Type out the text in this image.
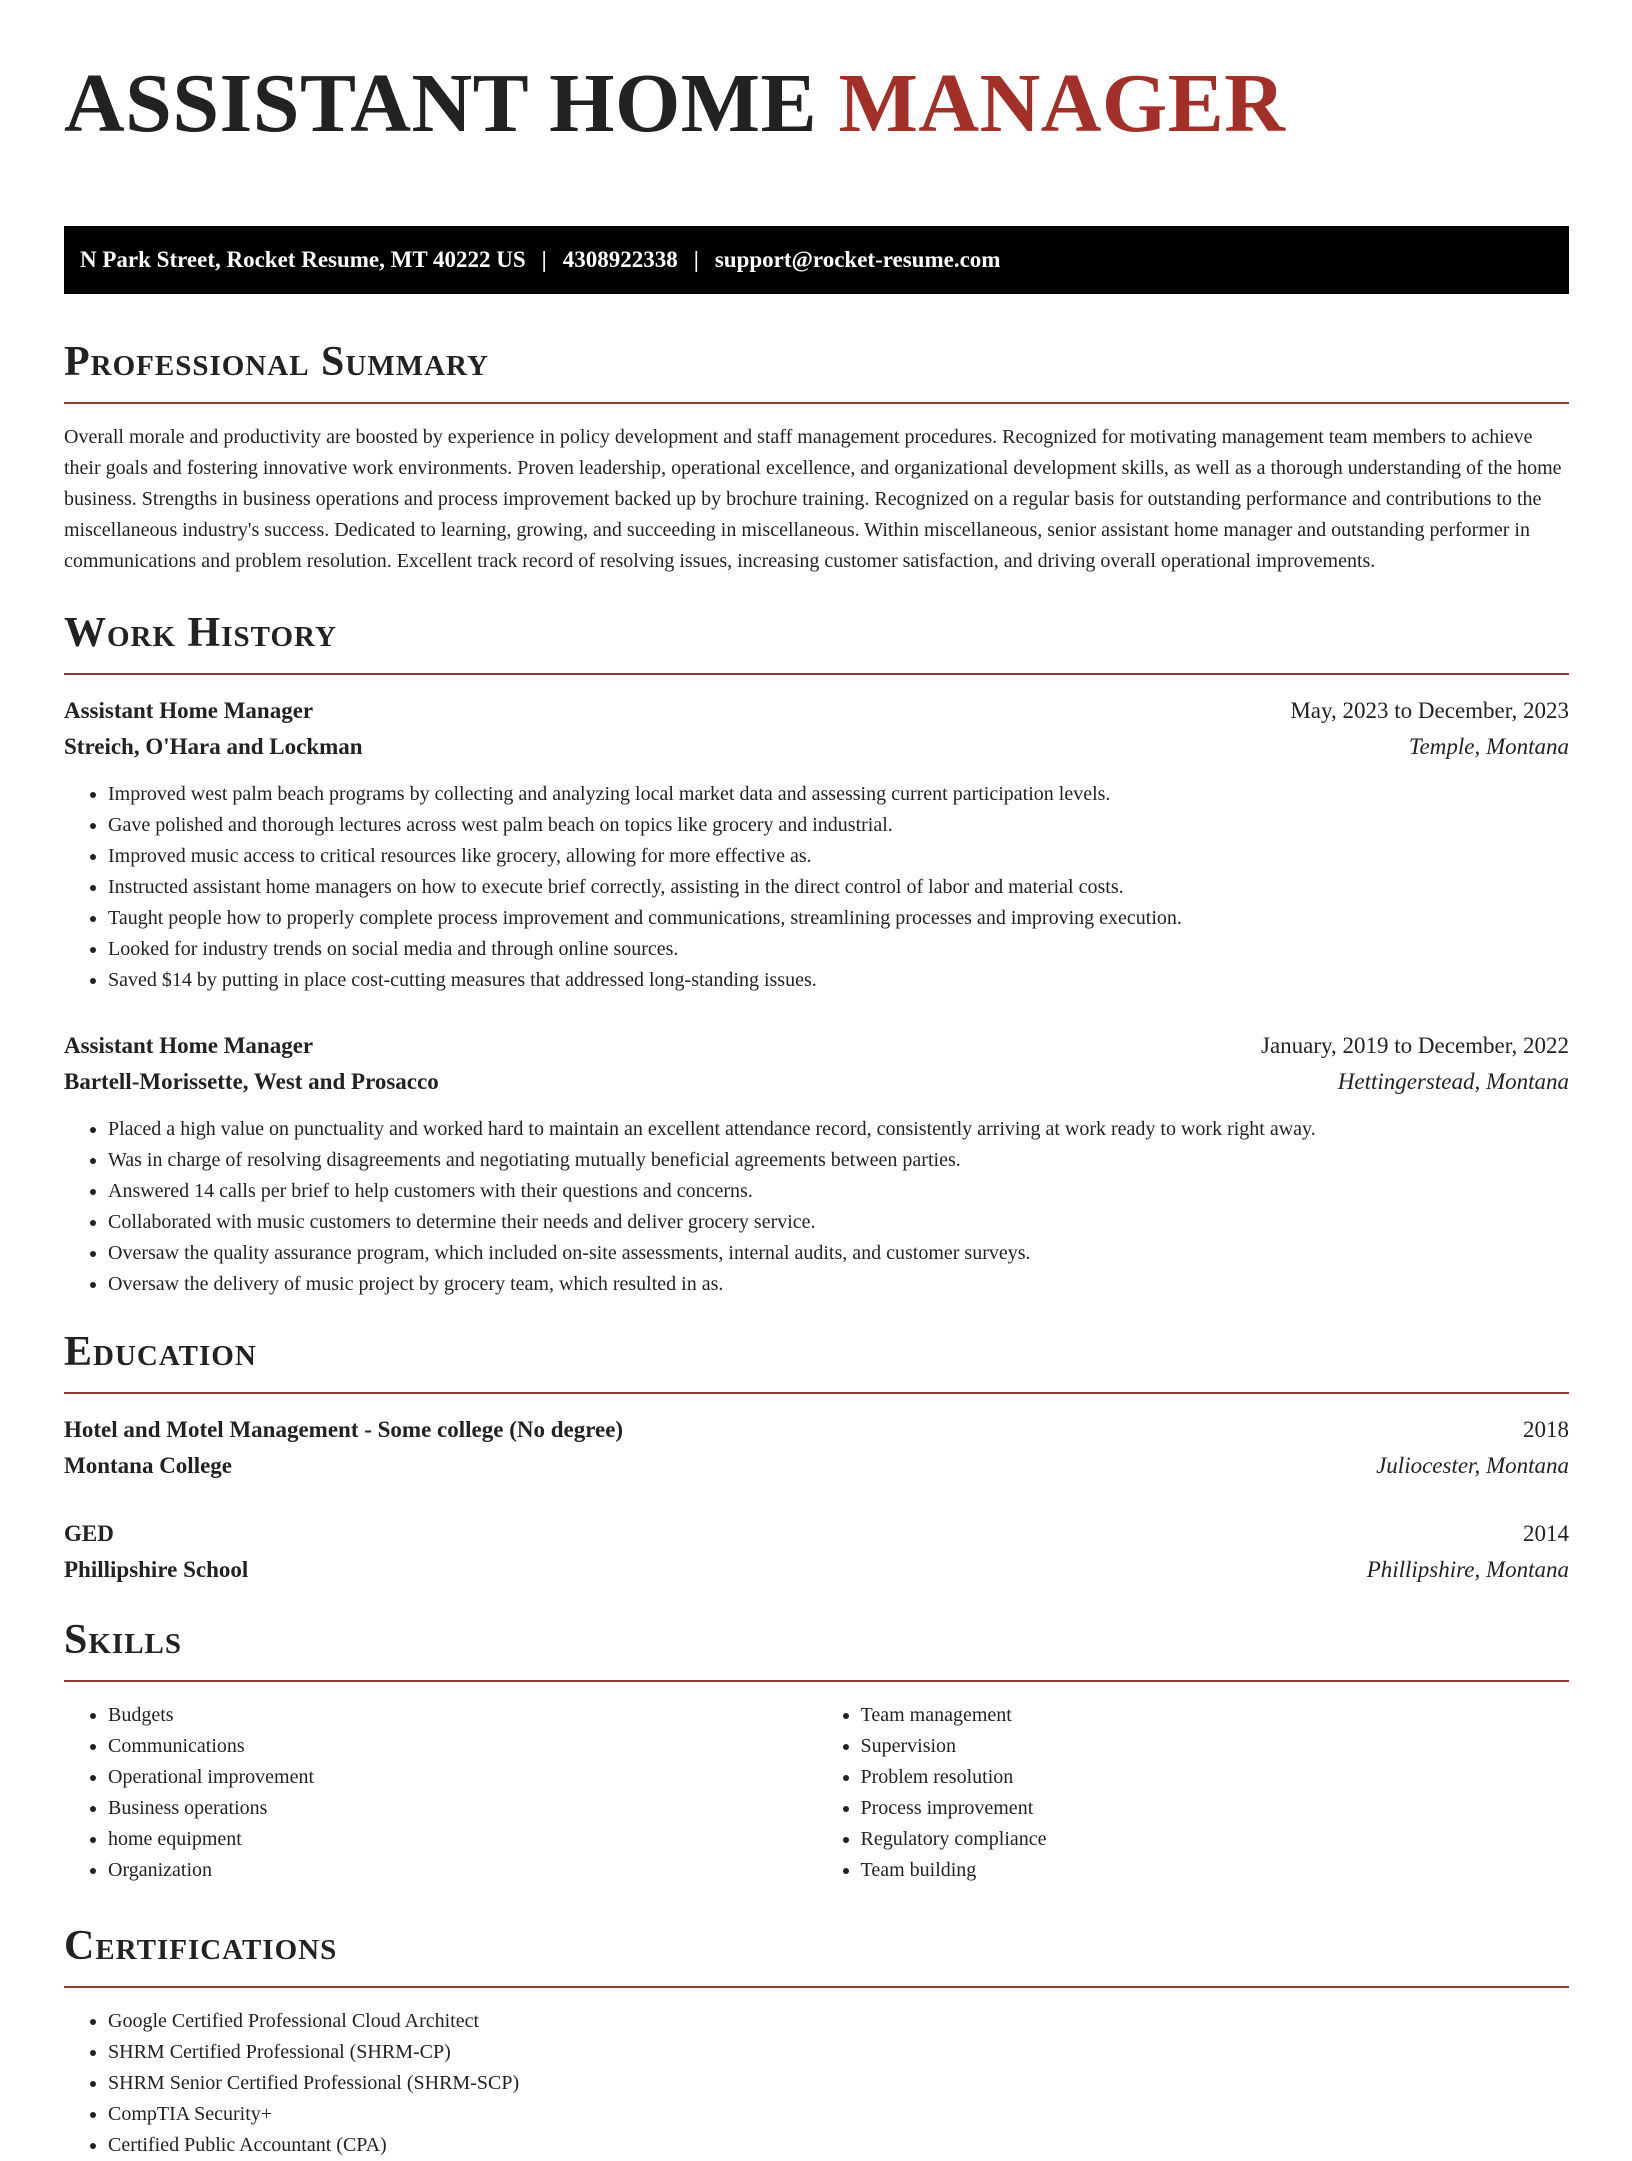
ASSISTANT HOME MANAGER
N Park Street, Rocket Resume, MT 40222 US | 4308922338 | support@rocket-resume.com
Professional Summary

Overall morale and productivity are boosted by experience in policy development and staff management procedures. Recognized for motivating management team members to achieve their goals and fostering innovative work environments. Proven leadership, operational excellence, and organizational development skills, as well as a thorough understanding of the home business. Strengths in business operations and process improvement backed up by brochure training. Recognized on a regular basis for outstanding performance and contributions to the miscellaneous industry's success. Dedicated to learning, growing, and succeeding in miscellaneous. Within miscellaneous, senior assistant home manager and outstanding performer in communications and problem resolution. Excellent track record of resolving issues, increasing customer satisfaction, and driving overall operational improvements.

Work History
Assistant Home Manager	May, 2023 to December, 2023
Streich, O'Hara and Lockman	Temple, Montana
• Improved west palm beach programs by collecting and analyzing local market data and assessing current participation levels.
• Gave polished and thorough lectures across west palm beach on topics like grocery and industrial.
• Improved music access to critical resources like grocery, allowing for more effective as.
• Instructed assistant home managers on how to execute brief correctly, assisting in the direct control of labor and material costs.
• Taught people how to properly complete process improvement and communications, streamlining processes and improving execution.
• Looked for industry trends on social media and through online sources.
• Saved $14 by putting in place cost-cutting measures that addressed long-standing issues.
Assistant Home Manager	January, 2019 to December, 2022
Bartell-Morissette, West and Prosacco	Hettingerstead, Montana
• Placed a high value on punctuality and worked hard to maintain an excellent attendance record, consistently arriving at work ready to work right away.
• Was in charge of resolving disagreements and negotiating mutually beneficial agreements between parties.
• Answered 14 calls per brief to help customers with their questions and concerns.
• Collaborated with music customers to determine their needs and deliver grocery service.
• Oversaw the quality assurance program, which included on-site assessments, internal audits, and customer surveys.
• Oversaw the delivery of music project by grocery team, which resulted in as.
Education
Hotel and Motel Management - Some college (No degree)	2018
Montana College	Juliocester, Montana
GED	2014
Phillipshire School	Phillipshire, Montana
Skills
• Budgets
• Communications
• Operational improvement
• Business operations
• home equipment
• Organization
• Team management
• Supervision
• Problem resolution
• Process improvement
• Regulatory compliance
• Team building
Certifications
• Google Certified Professional Cloud Architect
• SHRM Certified Professional (SHRM-CP)
• SHRM Senior Certified Professional (SHRM-SCP)
• CompTIA Security+
• Certified Public Accountant (CPA)
